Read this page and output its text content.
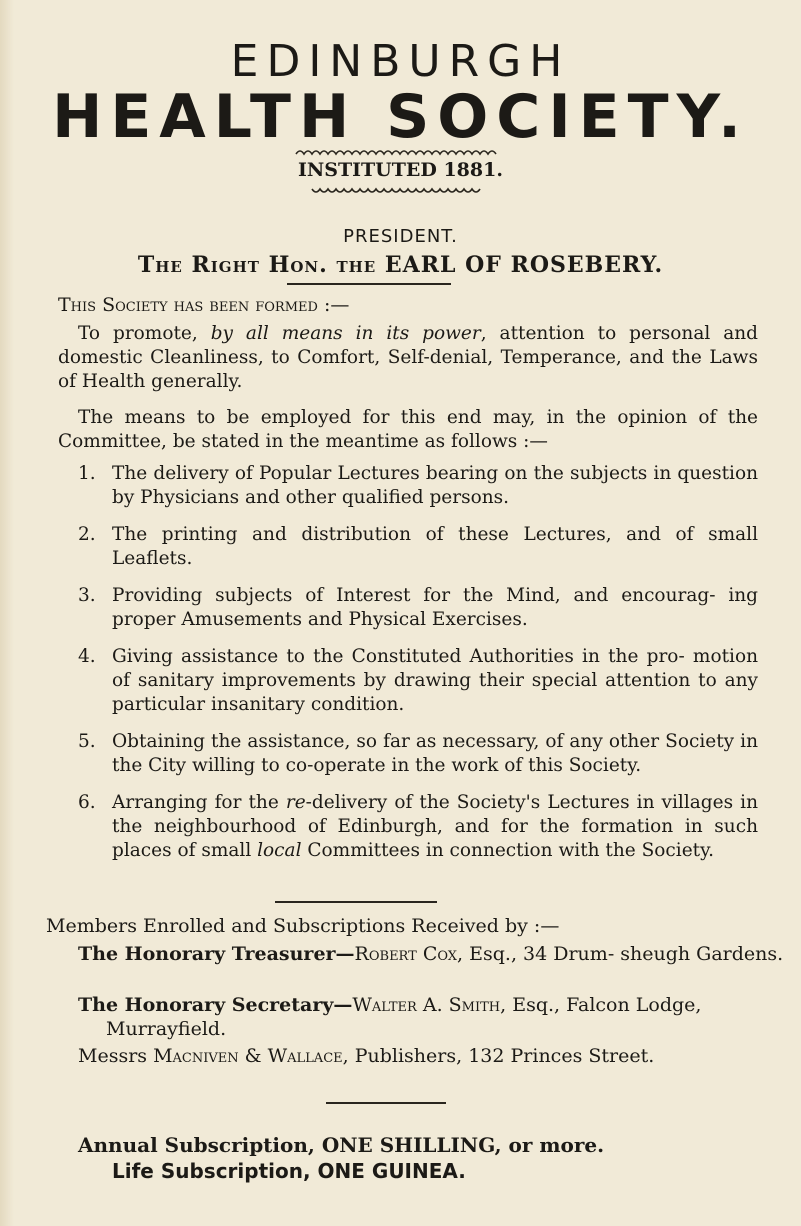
EDINBURGH
HEALTH SOCIETY.
INSTITUTED 1881.
PRESIDENT.
The Right Hon. the EARL OF ROSEBERY.
This Society has been formed :—
To promote, by all means in its power, attention to personal and domestic Cleanliness, to Comfort, Self-denial, Temperance, and the Laws of Health generally.
The means to be employed for this end may, in the opinion of the Committee, be stated in the meantime as follows :—
1. The delivery of Popular Lectures bearing on the subjects in question by Physicians and other qualified persons.
2. The printing and distribution of these Lectures, and of small Leaflets.
3. Providing subjects of Interest for the Mind, and encourag- ing proper Amusements and Physical Exercises.
4. Giving assistance to the Constituted Authorities in the pro- motion of sanitary improvements by drawing their special attention to any particular insanitary condition.
5. Obtaining the assistance, so far as necessary, of any other Society in the City willing to co-operate in the work of this Society.
6. Arranging for the re-delivery of the Society's Lectures in villages in the neighbourhood of Edinburgh, and for the formation in such places of small local Committees in connection with the Society.
Members Enrolled and Subscriptions Received by :—
The Honorary Treasurer—Robert Cox, Esq., 34 Drum- sheugh Gardens.
The Honorary Secretary—Walter A. Smith, Esq., Falcon Lodge, Murrayfield.
Messrs Macniven & Wallace, Publishers, 132 Princes Street.
Annual Subscription, ONE SHILLING, or more.
Life Subscription, ONE GUINEA.
